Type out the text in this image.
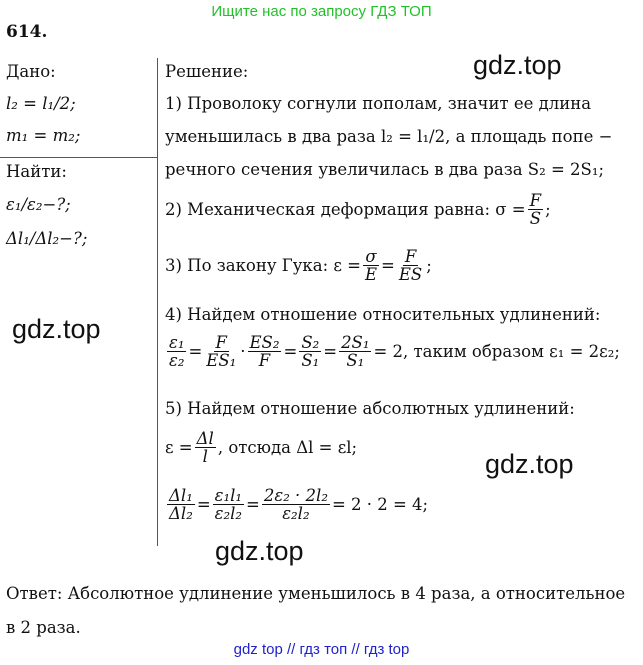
Ищите нас по запросу ГДЗ ТОП
614.
Дано:
l₂ = l₁/2;
m₁ = m₂;
Найти:
ε₁/ε₂−?;
Δl₁/Δl₂−?;
Решение:
1) Проволоку согнули пополам, значит ее длина
уменьшилась в два раза l₂ = l₁/2, а площадь попе −
речного сечения увеличилась в два раза S₂ = 2S₁;
2) Механическая деформация равна: $\sigma = \frac{F}{S}$ ;
3) По закону Гука: $\varepsilon = \frac{\sigma}{E} = \frac{F}{ES}$ ;
4) Найдем отношение относительных удлинений:
$\frac{\text{ε₁}}{\text{ε₂}} = \frac{F}{\text{ES₁}} \cdot \frac{\text{ES₂}}{F} = \frac{\text{S₂}}{\text{S₁}} = \frac{\text{2S₁}}{\text{S₁}} = 2$, таким образом ε₁ = 2ε₂;
5) Найдем отношение абсолютных удлинений:
$\varepsilon = \frac{\Delta l}{l}$ , отсюда Δl = εl;
$\frac{\text{Δl₁}}{\text{Δl₂}} = \frac{\text{ε₁l₁}}{\text{ε₂l₂}} = \frac{\text{2ε₂ · 2l₂}}{\text{ε₂l₂}} = 2 \cdot 2 = 4$;
Ответ: Абсолютное удлинение уменьшилось в 4 раза, а относительное
в 2 раза.
gdz.top
gdz.top
gdz.top
gdz.top
gdz top // гдз топ // гдз top
